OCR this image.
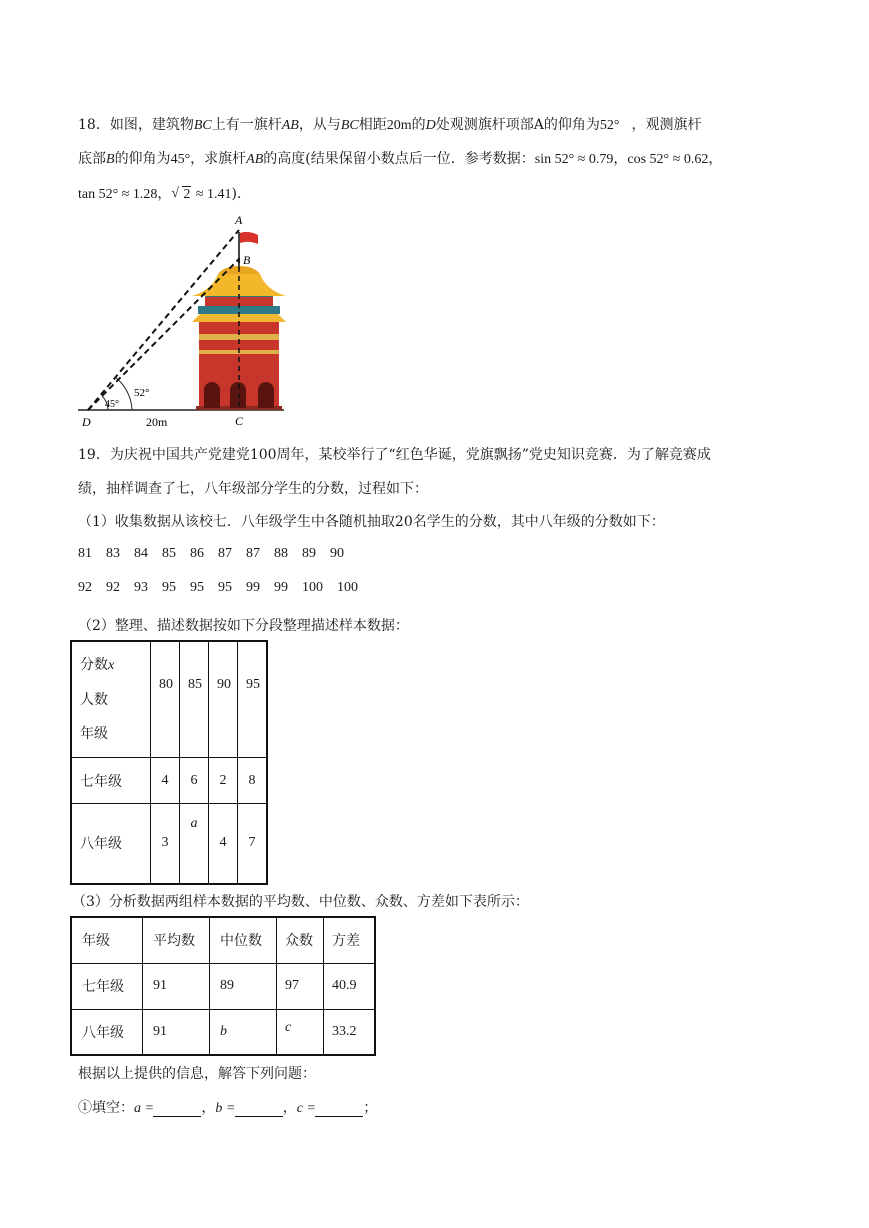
18．如图，建筑物BC上有一旗杆AB，从与BC相距20m的D处观测旗杆项部A的仰角为52° ，观测旗杆
底部B的仰角为45°，求旗杆AB的高度(结果保留小数点后一位．参考数据：sin 52° ≈ 0.79，cos 52° ≈ 0.62，
tan 52° ≈ 1.28， √ 2 ≈ 1.41)．
A
B
C
D
52°
45°
20m
19．为庆祝中国共产党建党100周年，某校举行了“红色华诞，党旗飘扬”党史知识竞赛．为了解竞赛成
绩，抽样调查了七，八年级部分学生的分数，过程如下：
（1）收集数据从该校七．八年级学生中各随机抽取20名学生的分数，其中八年级的分数如下：
81 83 84 85 86 87 87 88 89 90
92 92 93 95 95 95 99 99 100 100
（2）整理、描述数据按如下分段整理描述样本数据：
分数x
人数
年级	80	85	90	95
七年级	4	6	2	8
八年级	3	a	4	7
（3）分析数据两组样本数据的平均数、中位数、众数、方差如下表所示：
年级	平均数	中位数	众数	方差
七年级	91	89	97	40.9
八年级	91	b	c	33.2
根据以上提供的信息，解答下列问题：
①填空：a =	，b =	，c =	；
